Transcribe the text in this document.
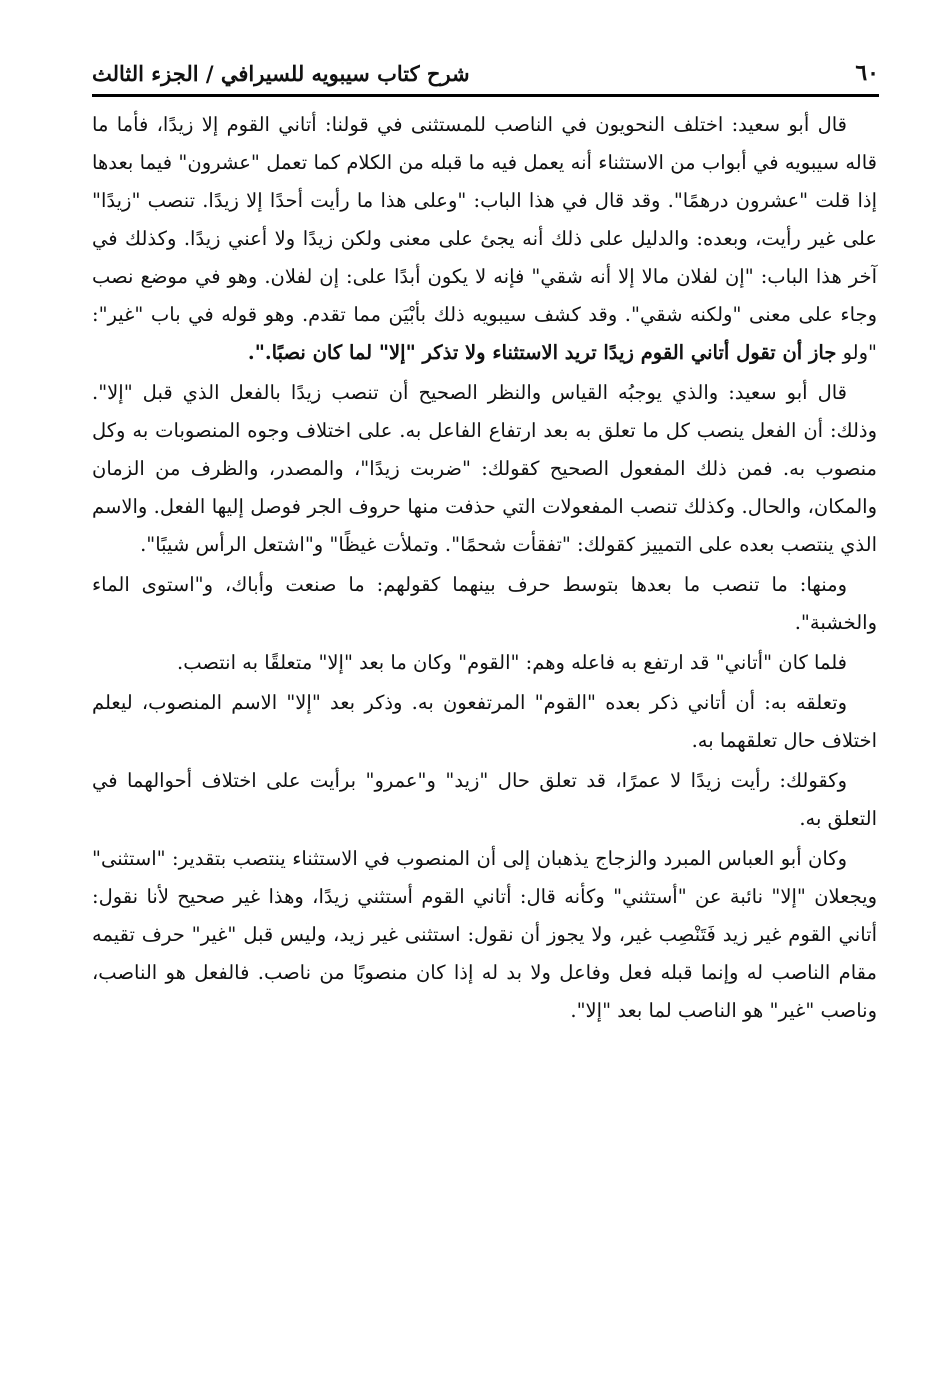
٦٠
شرح كتاب سيبويه للسيرافي / الجزء الثالث

قال أبو سعيد: اختلف النحويون في الناصب للمستثنى في قولنا: أتاني القوم إلا زيدًا، فأما ما قاله سيبويه في أبواب من الاستثناء أنه يعمل فيه ما قبله من الكلام كما تعمل "عشرون" فيما بعدها إذا قلت "عشرون درهمًا". وقد قال في هذا الباب: "وعلى هذا ما رأيت أحدًا إلا زيدًا. تنصب "زيدًا" على غير رأيت، وبعده: والدليل على ذلك أنه يجئ على معنى ولكن زيدًا ولا أعني زيدًا. وكذلك في آخر هذا الباب: "إن لفلان مالا إلا أنه شقي" فإنه لا يكون أبدًا على: إن لفلان. وهو في موضع نصب وجاء على معنى "ولكنه شقي". وقد كشف سيبويه ذلك بأبْيَن مما تقدم. وهو قوله في باب "غير": "ولو جاز أن تقول أتاني القوم زيدًا تريد الاستثناء ولا تذكر "إلا" لما كان نصبًا.".

قال أبو سعيد: والذي يوجبُه القياس والنظر الصحيح أن تنصب زيدًا بالفعل الذي قبل "إلا". وذلك: أن الفعل ينصب كل ما تعلق به بعد ارتفاع الفاعل به. على اختلاف وجوه المنصوبات به وكل منصوب به. فمن ذلك المفعول الصحيح كقولك: "ضربت زيدًا"، والمصدر، والظرف من الزمان والمكان، والحال. وكذلك تنصب المفعولات التي حذفت منها حروف الجر فوصل إليها الفعل. والاسم الذي ينتصب بعده على التمييز كقولك: "تفقأت شحمًا". وتملأت غيظًا" و"اشتعل الرأس شيبًا".

ومنها: ما تنصب ما بعدها بتوسط حرف بينهما كقولهم: ما صنعت وأباك، و"استوى الماء والخشبة".

فلما كان "أتاني" قد ارتفع به فاعله وهم: "القوم" وكان ما بعد "إلا" متعلقًا به انتصب.

وتعلقه به: أن أتاني ذكر بعده "القوم" المرتفعون به. وذكر بعد "إلا" الاسم المنصوب، ليعلم اختلاف حال تعلقهما به.

وكقولك: رأيت زيدًا لا عمرًا، قد تعلق حال "زيد" و"عمرو" برأيت على اختلاف أحوالهما في التعلق به.

وكان أبو العباس المبرد والزجاج يذهبان إلى أن المنصوب في الاستثناء ينتصب بتقدير: "استثنى" ويجعلان "إلا" نائبة عن "أستثني" وكأنه قال: أتاني القوم أستثني زيدًا، وهذا غير صحيح لأنا نقول: أتاني القوم غير زيد فَتَنْصِب غير، ولا يجوز أن نقول: استثنى غير زيد، وليس قبل "غير" حرف تقيمه مقام الناصب له وإنما قبله فعل وفاعل ولا بد له إذا كان منصوبًا من ناصب. فالفعل هو الناصب، وناصب "غير" هو الناصب لما بعد "إلا".
